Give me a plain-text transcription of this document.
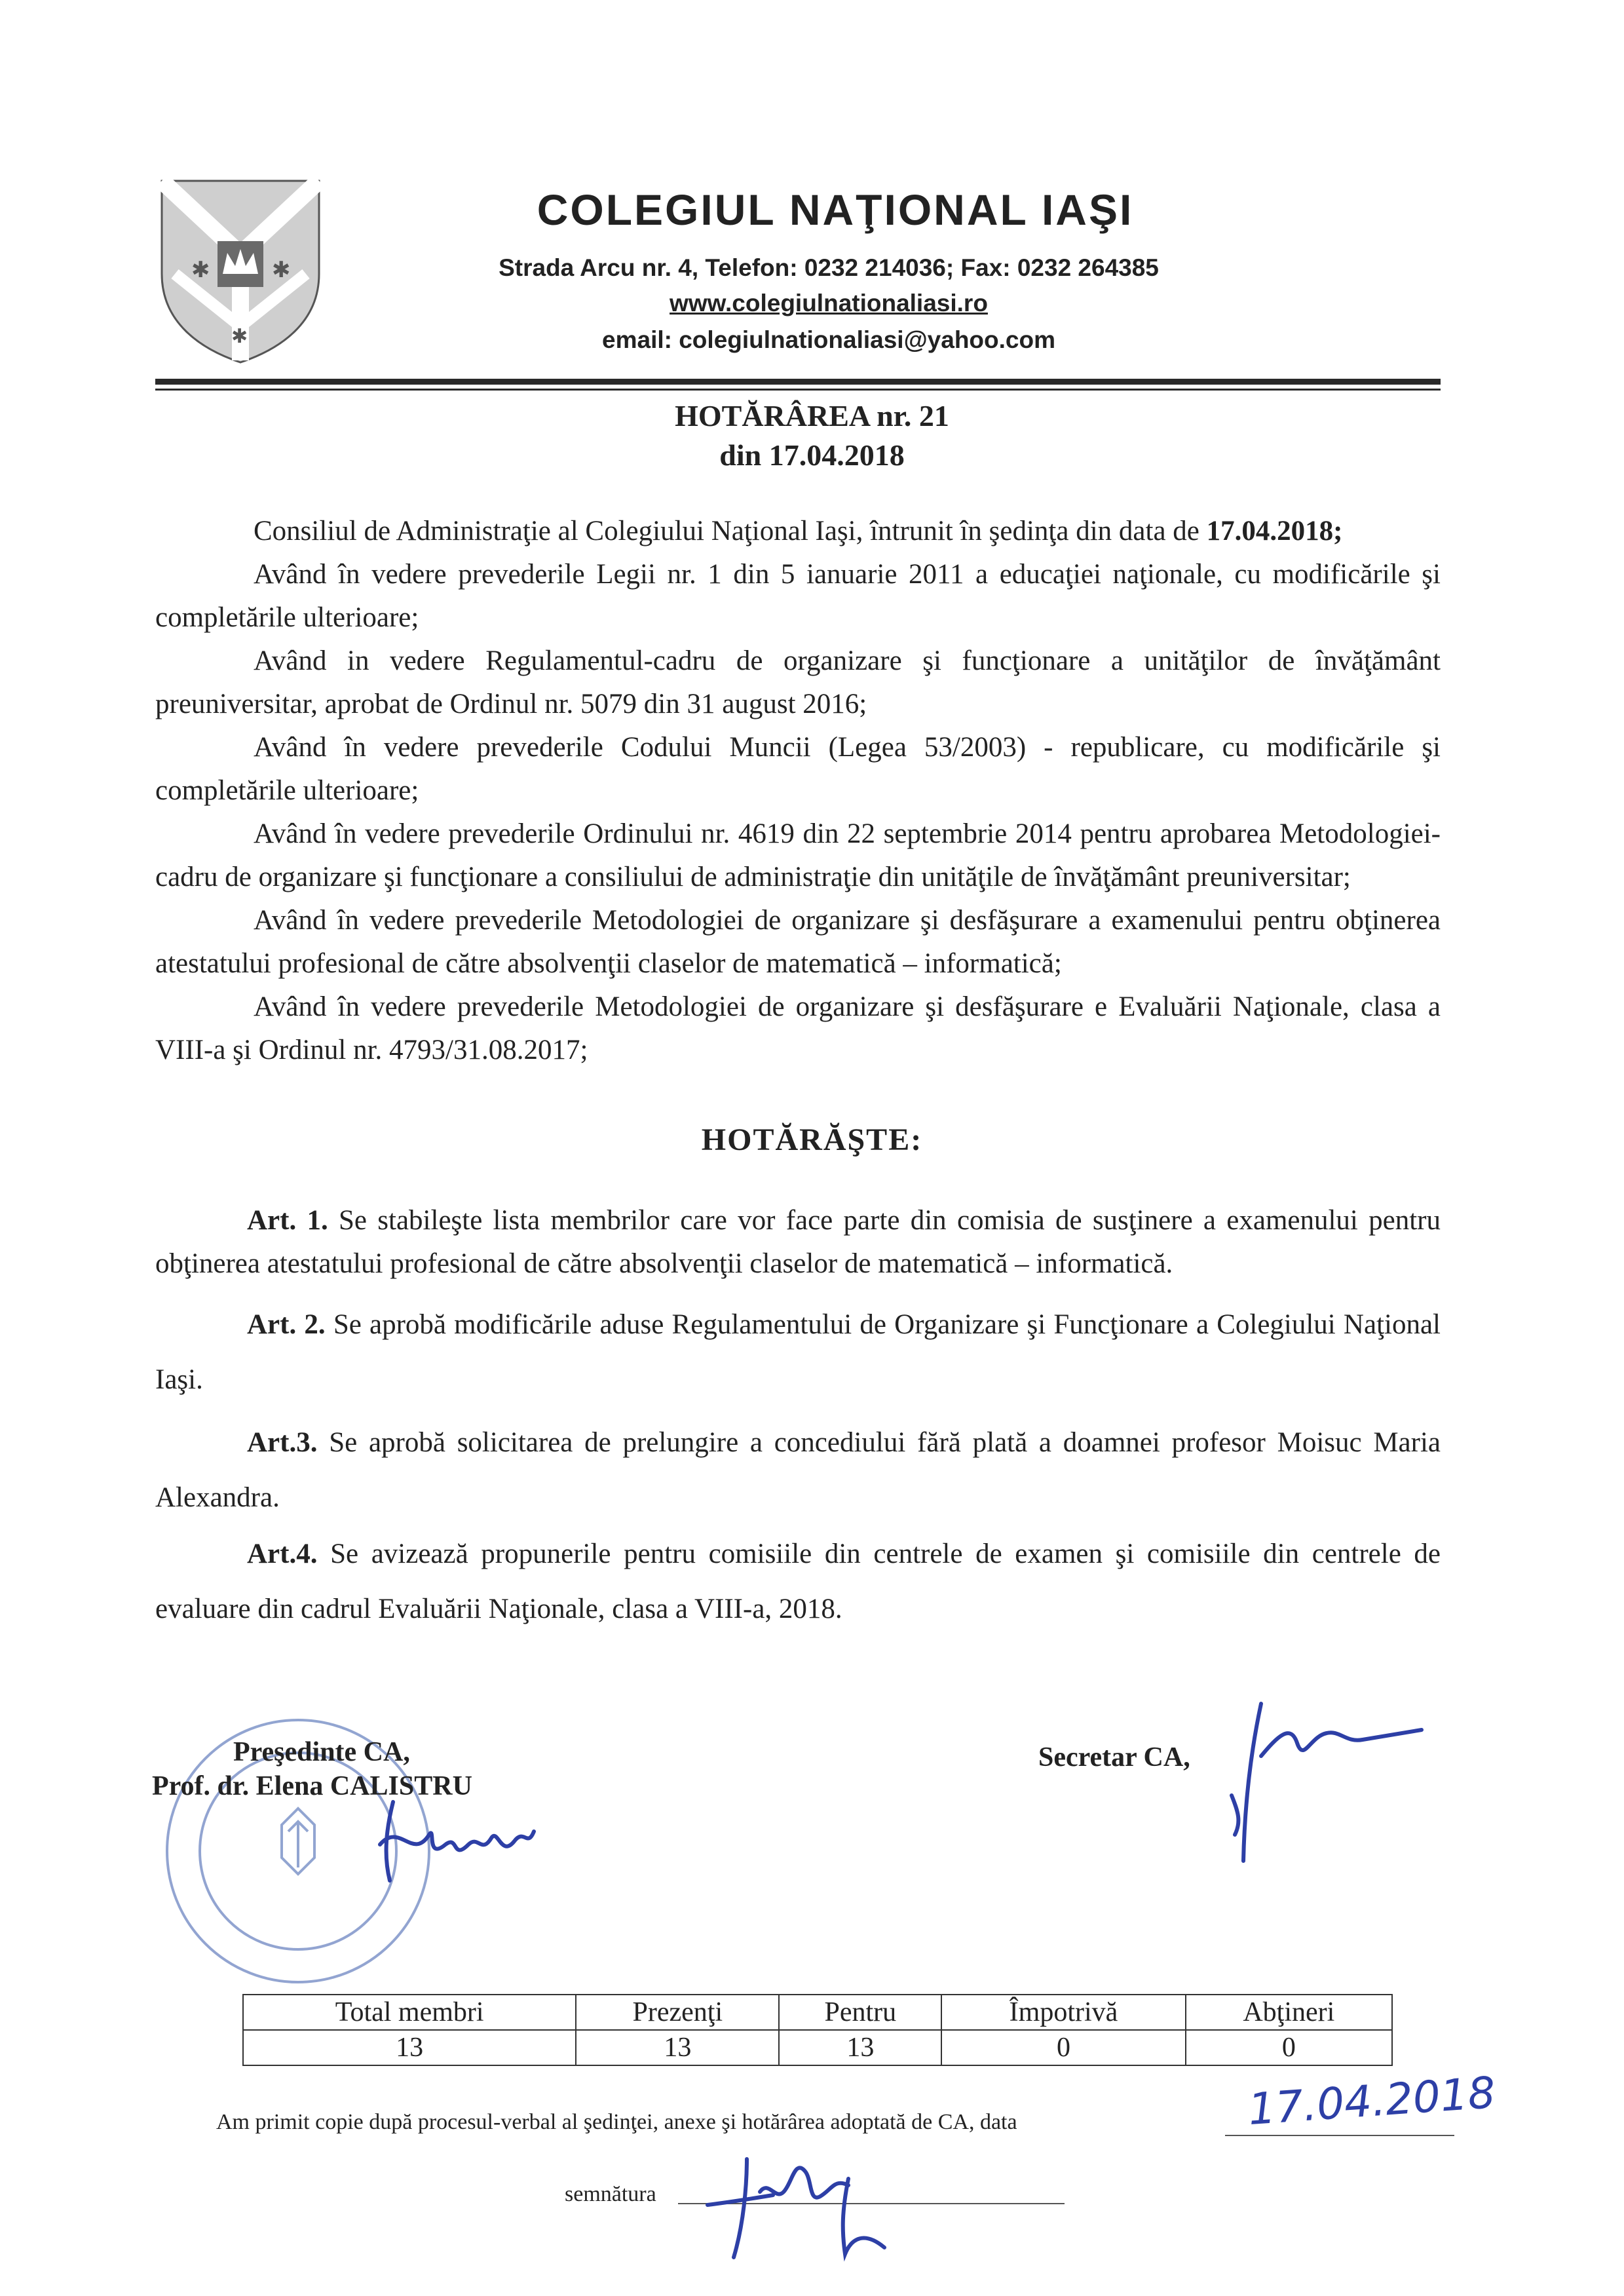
✱	✱
✱
COLEGIUL NAŢIONAL IAŞI
Strada Arcu nr. 4, Telefon: 0232 214036; Fax: 0232 264385
www.colegiulnationaliasi.ro
email: colegiulnationaliasi@yahoo.com
HOTĂRÂREA nr. 21
din 17.04.2018

Consiliul de Administraţie al Colegiului Naţional Iaşi, întrunit în şedinţa din data de 17.04.2018;

Având în vedere prevederile Legii nr. 1 din 5 ianuarie 2011 a educaţiei naţionale, cu modificările şi completările ulterioare;

Având in vedere Regulamentul-cadru de organizare şi funcţionare a unităţilor de învăţământ preuniversitar, aprobat de Ordinul nr. 5079 din 31 august 2016;

Având în vedere prevederile Codului Muncii (Legea 53/2003) - republicare, cu modificările şi completările ulterioare;

Având în vedere prevederile Ordinului nr. 4619 din 22 septembrie 2014 pentru aprobarea Metodologiei-cadru de organizare şi funcţionare a consiliului de administraţie din unităţile de învăţământ preuniversitar;

Având în vedere prevederile Metodologiei de organizare şi desfăşurare a examenului pentru obţinerea atestatului profesional de către absolvenţii claselor de matematică – informatică;

Având în vedere prevederile Metodologiei de organizare şi desfăşurare e Evaluării Naţionale, clasa a VIII-a şi Ordinul nr. 4793/31.08.2017;

HOTĂRĂŞTE:

Art. 1. Se stabileşte lista membrilor care vor face parte din comisia de susţinere a examenului pentru obţinerea atestatului profesional de către absolvenţii claselor de matematică – informatică.

Art. 2. Se aprobă modificările aduse Regulamentului de Organizare şi Funcţionare a Colegiului Naţional Iaşi.

Art.3. Se aprobă solicitarea de prelungire a concediului fără plată a doamnei profesor Moisuc Maria Alexandra.

Art.4. Se avizează propunerile pentru comisiile din centrele de examen şi comisiile din centrele de evaluare din cadrul Evaluării Naţionale, clasa a VIII-a, 2018.

Preşedinte CA,
Prof. dr. Elena CALISTRU
Secretar CA,
Total membri	Prezenţi	Pentru	Împotrivă	Abţineri
13	13	13	0	0
Am primit copie după procesul-verbal al şedinţei, anexe şi hotărârea adoptată de CA, data	17.04.2018
semnătura
